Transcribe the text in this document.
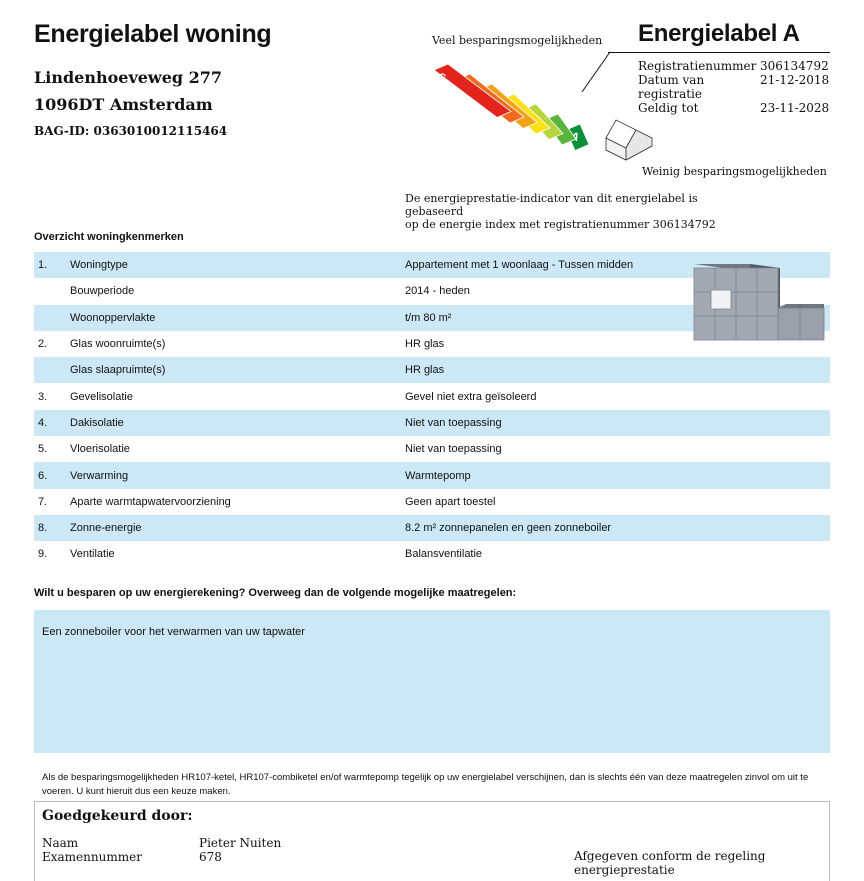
Energielabel woning
Lindenhoeveweg 277
1096DT Amsterdam
BAG-ID: 0363010012115464
Veel besparingsmogelijkheden
Weinig besparingsmogelijkheden
G
Energielabel A
Registratienummer 306134792
Datum van registratie
21-12-2018
Geldig tot	23-11-2028
De energieprestatie-indicator van dit energielabel is gebaseerd
op de energie index met registratienummer 306134792
Overzicht woningkenmerken
1.	Woningtype	Appartement met 1 woonlaag - Tussen midden
Bouwperiode	2014 - heden
Woonoppervlakte	t/m 80 m²
2.	Glas woonruimte(s)	HR glas
Glas slaapruimte(s)	HR glas
3.	Gevelisolatie	Gevel niet extra geïsoleerd
4.	Dakisolatie	Niet van toepassing
5.	Vloerisolatie	Niet van toepassing
6.	Verwarming	Warmtepomp
7.	Aparte warmtapwatervoorziening	Geen apart toestel
8.	Zonne-energie	8.2 m² zonnepanelen en geen zonneboiler
9.	Ventilatie	Balansventilatie
Wilt u besparen op uw energierekening? Overweeg dan de volgende mogelijke maatregelen:
Een zonneboiler voor het verwarmen van uw tapwater
Als de besparingsmogelijkheden HR107-ketel, HR107-combiketel en/of warmtepomp tegelijk op uw energielabel verschijnen, dan is slechts één van deze maatregelen zinvol om uit te voeren. U kunt hieruit dus een keuze maken.
Goedgekeurd door:
Naam	Pieter Nuiten
Examennummer	678	Afgegeven conform de regeling energieprestatie
